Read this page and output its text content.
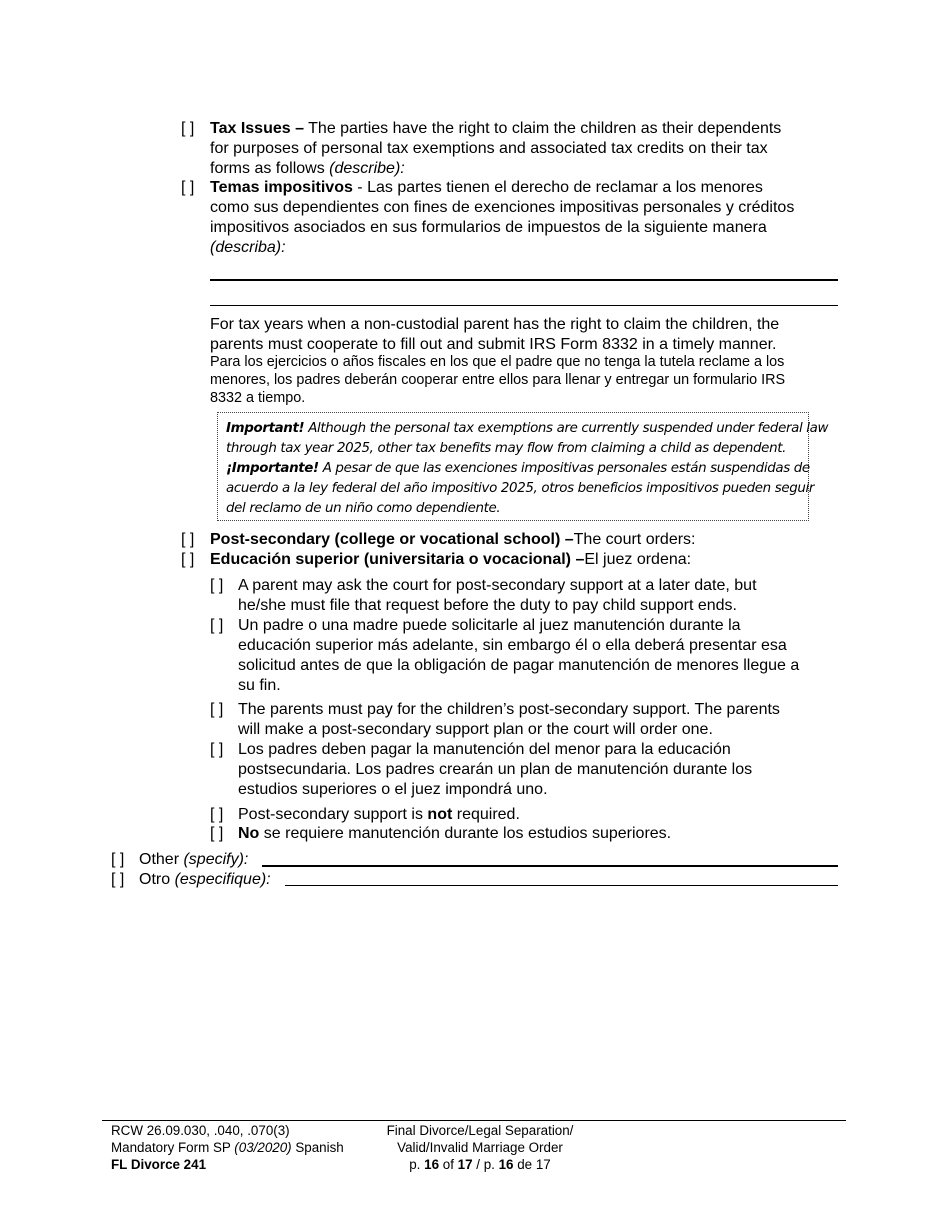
[ ] Tax Issues – The parties have the right to claim the children as their dependents
for purposes of personal tax exemptions and associated tax credits on their tax
forms as follows (describe):
[ ] Temas impositivos - Las partes tienen el derecho de reclamar a los menores
como sus dependientes con fines de exenciones impositivas personales y créditos
impositivos asociados en sus formularios de impuestos de la siguiente manera
(describa):
For tax years when a non-custodial parent has the right to claim the children, the
parents must cooperate to fill out and submit IRS Form 8332 in a timely manner.
Para los ejercicios o años fiscales en los que el padre que no tenga la tutela reclame a los
menores, los padres deberán cooperar entre ellos para llenar y entregar un formulario IRS
8332 a tiempo.
Important! Although the personal tax exemptions are currently suspended under federal law
through tax year 2025, other tax benefits may flow from claiming a child as dependent.
¡Importante! A pesar de que las exenciones impositivas personales están suspendidas de
acuerdo a la ley federal del año impositivo 2025, otros beneficios impositivos pueden seguir
del reclamo de un niño como dependiente.
[ ] Post-secondary (college or vocational school) –The court orders:
[ ] Educación superior (universitaria o vocacional) –El juez ordena:
[ ] A parent may ask the court for post-secondary support at a later date, but
he/she must file that request before the duty to pay child support ends.
[ ] Un padre o una madre puede solicitarle al juez manutención durante la
educación superior más adelante, sin embargo él o ella deberá presentar esa
solicitud antes de que la obligación de pagar manutención de menores llegue a
su fin.
[ ] The parents must pay for the children’s post-secondary support. The parents
will make a post-secondary support plan or the court will order one.
[ ] Los padres deben pagar la manutención del menor para la educación
postsecundaria. Los padres crearán un plan de manutención durante los
estudios superiores o el juez impondrá uno.
[ ] Post-secondary support is not required.
[ ] No se requiere manutención durante los estudios superiores.
[ ] Other (specify):
[ ] Otro (especifique):
RCW 26.09.030, .040, .070(3)
Mandatory Form SP (03/2020) Spanish
FL Divorce 241
Final Divorce/Legal Separation/
Valid/Invalid Marriage Order
p. 16 of 17 / p. 16 de 17
